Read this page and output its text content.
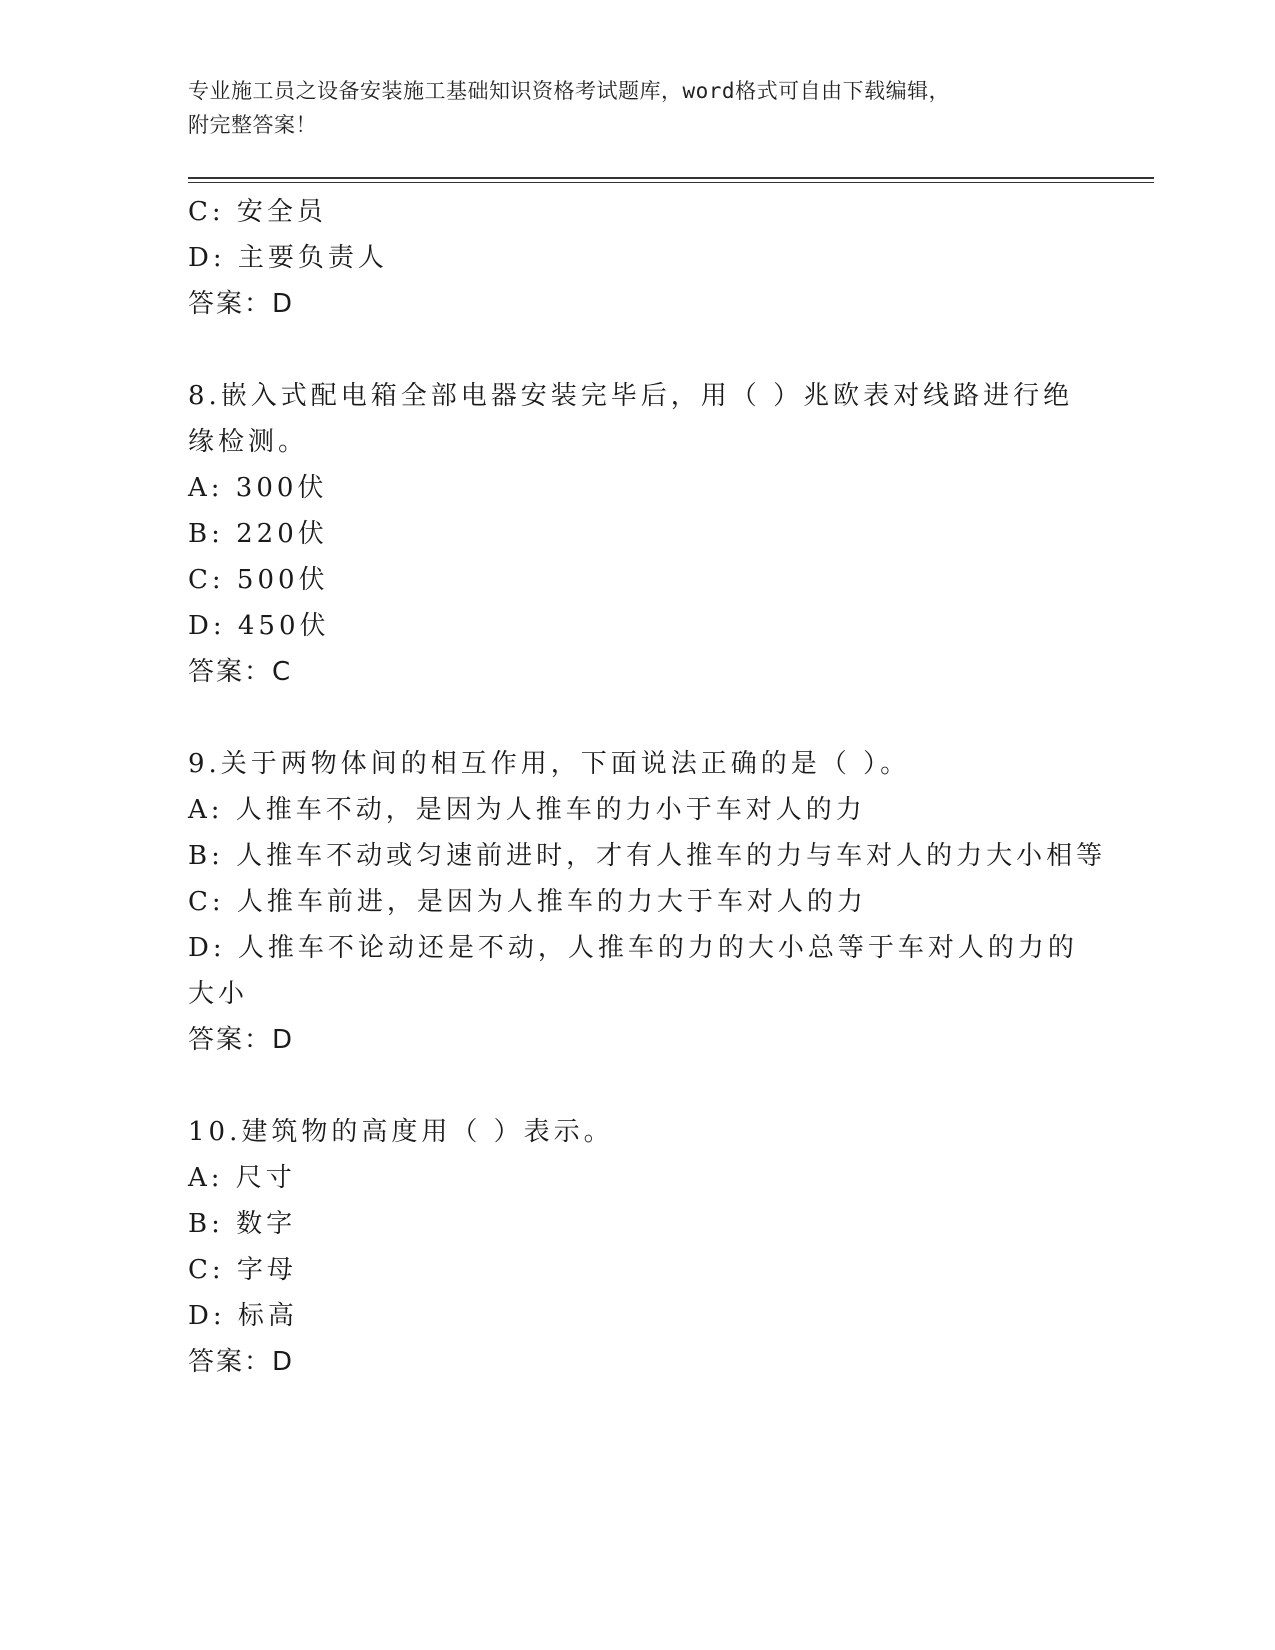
专业施工员之设备安装施工基础知识资格考试题库，word格式可自由下载编辑，
附完整答案！
C: 安全员
D: 主要负责人
答案：D
8.嵌入式配电箱全部电器安装完毕后，用（ ）兆欧表对线路进行绝缘检测。
A: 300伏
B: 220伏
C: 500伏
D: 450伏
答案：C
9.关于两物体间的相互作用，下面说法正确的是（ ）。
A: 人推车不动，是因为人推车的力小于车对人的力
B: 人推车不动或匀速前进时，才有人推车的力与车对人的力大小相等
C: 人推车前进，是因为人推车的力大于车对人的力
D: 人推车不论动还是不动，人推车的力的大小总等于车对人的力的大小
答案：D
10.建筑物的高度用（ ）表示。
A: 尺寸
B: 数字
C: 字母
D: 标高
答案：D
